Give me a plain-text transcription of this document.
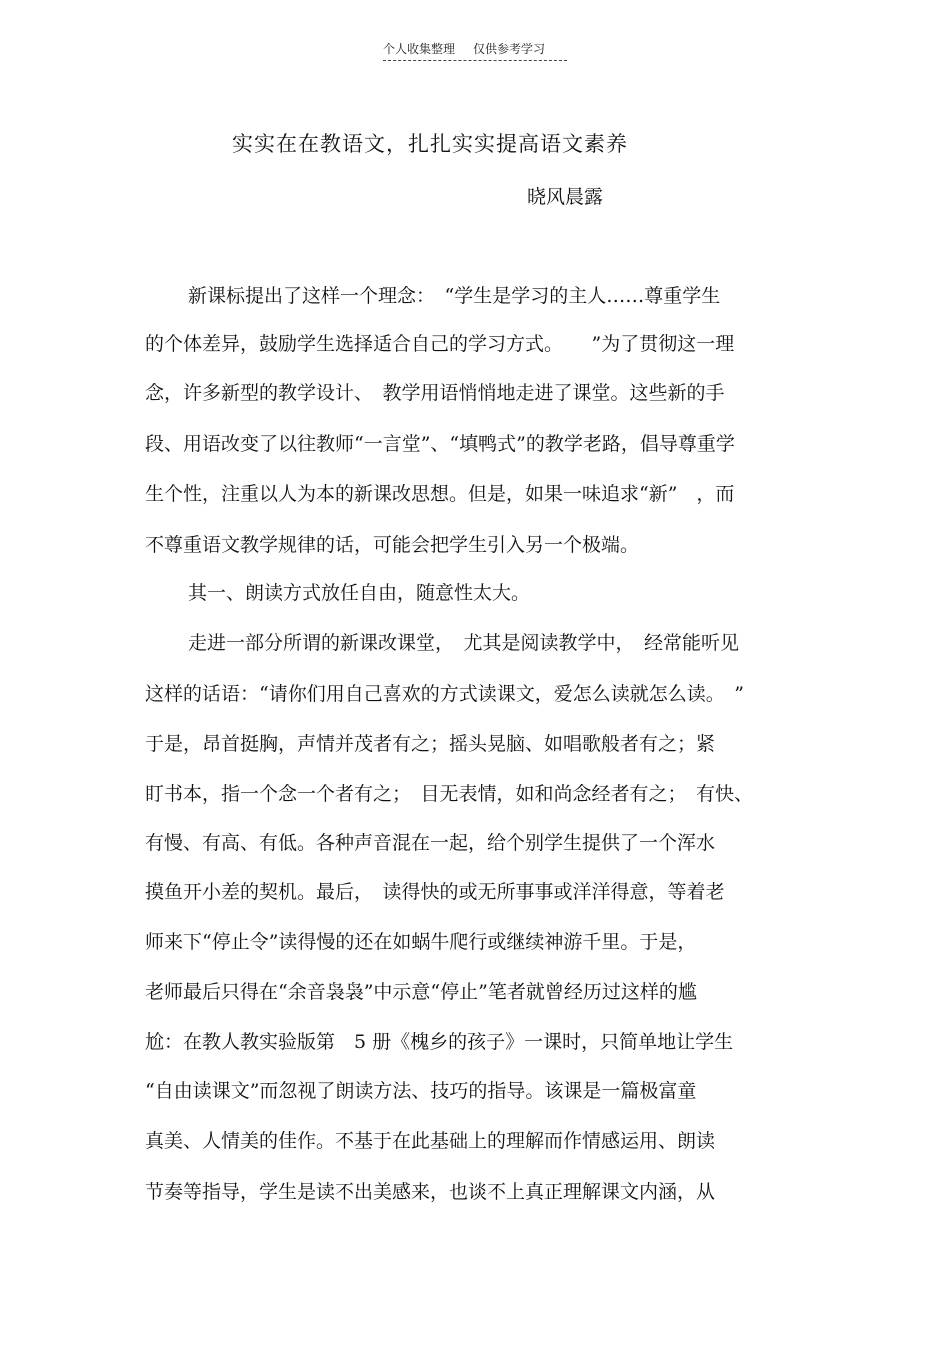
个人收集整理 仅供参考学习
实实在在教语文，扎扎实实提高语文素养
晓风晨露
新课标提出了这样一个理念：　“学生是学习的主人……尊重学生
的个体差异，鼓励学生选择适合自己的学习方式。　　”为了贯彻这一理
念，许多新型的教学设计、　教学用语悄悄地走进了课堂。这些新的手
段、用语改变了以往教师“一言堂”、“填鸭式”的教学老路，倡导尊重学
生个性，注重以人为本的新课改思想。但是，如果一味追求“新”　，而
不尊重语文教学规律的话，可能会把学生引入另一个极端。
其一、朗读方式放任自由，随意性太大。
走进一部分所谓的新课改课堂，　尤其是阅读教学中，　经常能听见
这样的话语：“请你们用自己喜欢的方式读课文，爱怎么读就怎么读。　”
于是，昂首挺胸，声情并茂者有之；摇头晃脑、如唱歌般者有之；紧
盯书本，指一个念一个者有之；　目无表情，如和尚念经者有之；　有快、
有慢、有高、有低。各种声音混在一起，给个别学生提供了一个浑水
摸鱼开小差的契机。最后，　读得快的或无所事事或洋洋得意，等着老
师来下“停止令”读得慢的还在如蜗牛爬行或继续神游千里。于是，
老师最后只得在“余音袅袅”中示意“停止”笔者就曾经历过这样的尴
尬：在教人教实验版第　5 册《槐乡的孩子》一课时，只简单地让学生
“自由读课文”而忽视了朗读方法、技巧的指导。该课是一篇极富童
真美、人情美的佳作。不基于在此基础上的理解而作情感运用、朗读
节奏等指导，学生是读不出美感来，也谈不上真正理解课文内涵，从
